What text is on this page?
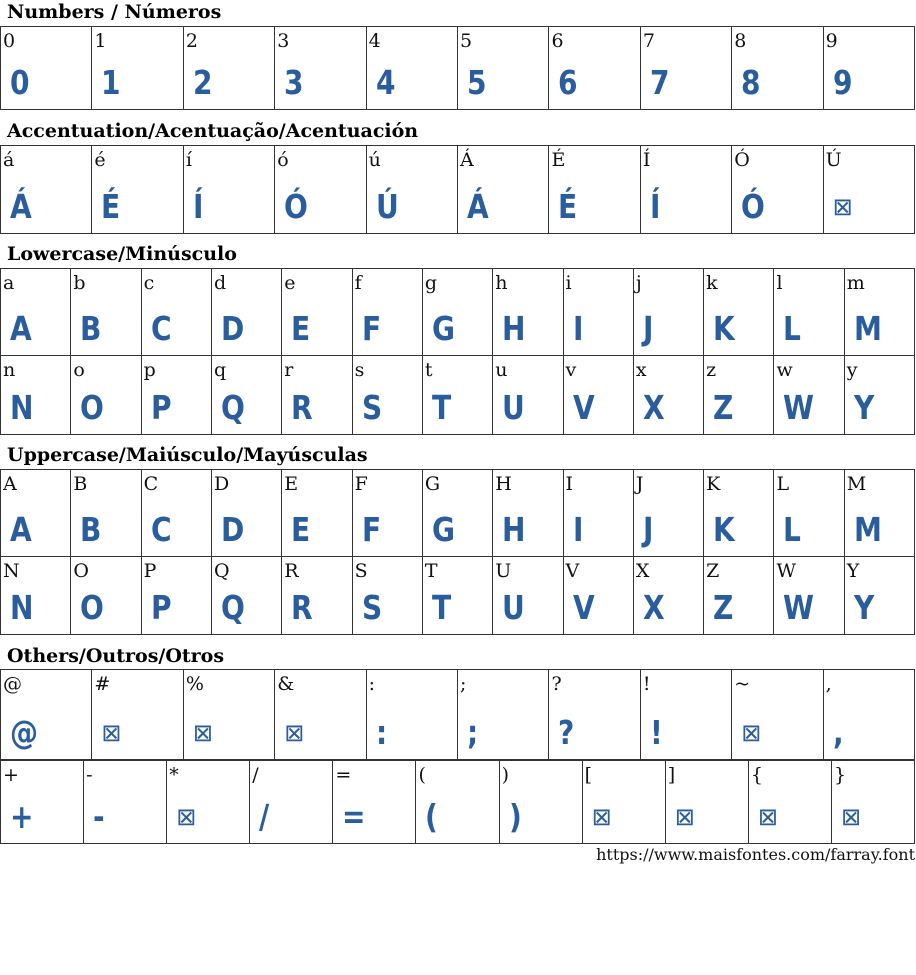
Numbers / Números
0
0
1
1
2
2
3
3
4
4
5
5
6
6
7
7
8
8
9
9
Accentuation/Acentuação/Acentuación
á
Á
é
É
í
Í
ó
Ó
ú
Ú
Á
Á
É
É
Í
Í
Ó
Ó
Ú
⊠
Lowercase/Minúsculo
a
A
b
B
c
C
d
D
e
E
f
F
g
G
h
H
i
I
j
J
k
K
l
L
m
M
n
N
o
O
p
P
q
Q
r
R
s
S
t
T
u
U
v
V
x
X
z
Z
w
W
y
Y
Uppercase/Maiúsculo/Mayúsculas
A
A
B
B
C
C
D
D
E
E
F
F
G
G
H
H
I
I
J
J
K
K
L
L
M
M
N
N
O
O
P
P
Q
Q
R
R
S
S
T
T
U
U
V
V
X
X
Z
Z
W
W
Y
Y
Others/Outros/Otros
@
@
#
⊠
%
⊠
&
⊠
:
:
;
;
?
?
!
!
~
⊠
,
,
+
+
-
-
*
⊠
/
/
=
=
(
(
)
)
[
⊠
]
⊠
{
⊠
}
⊠
https://www.maisfontes.com/farray.font
